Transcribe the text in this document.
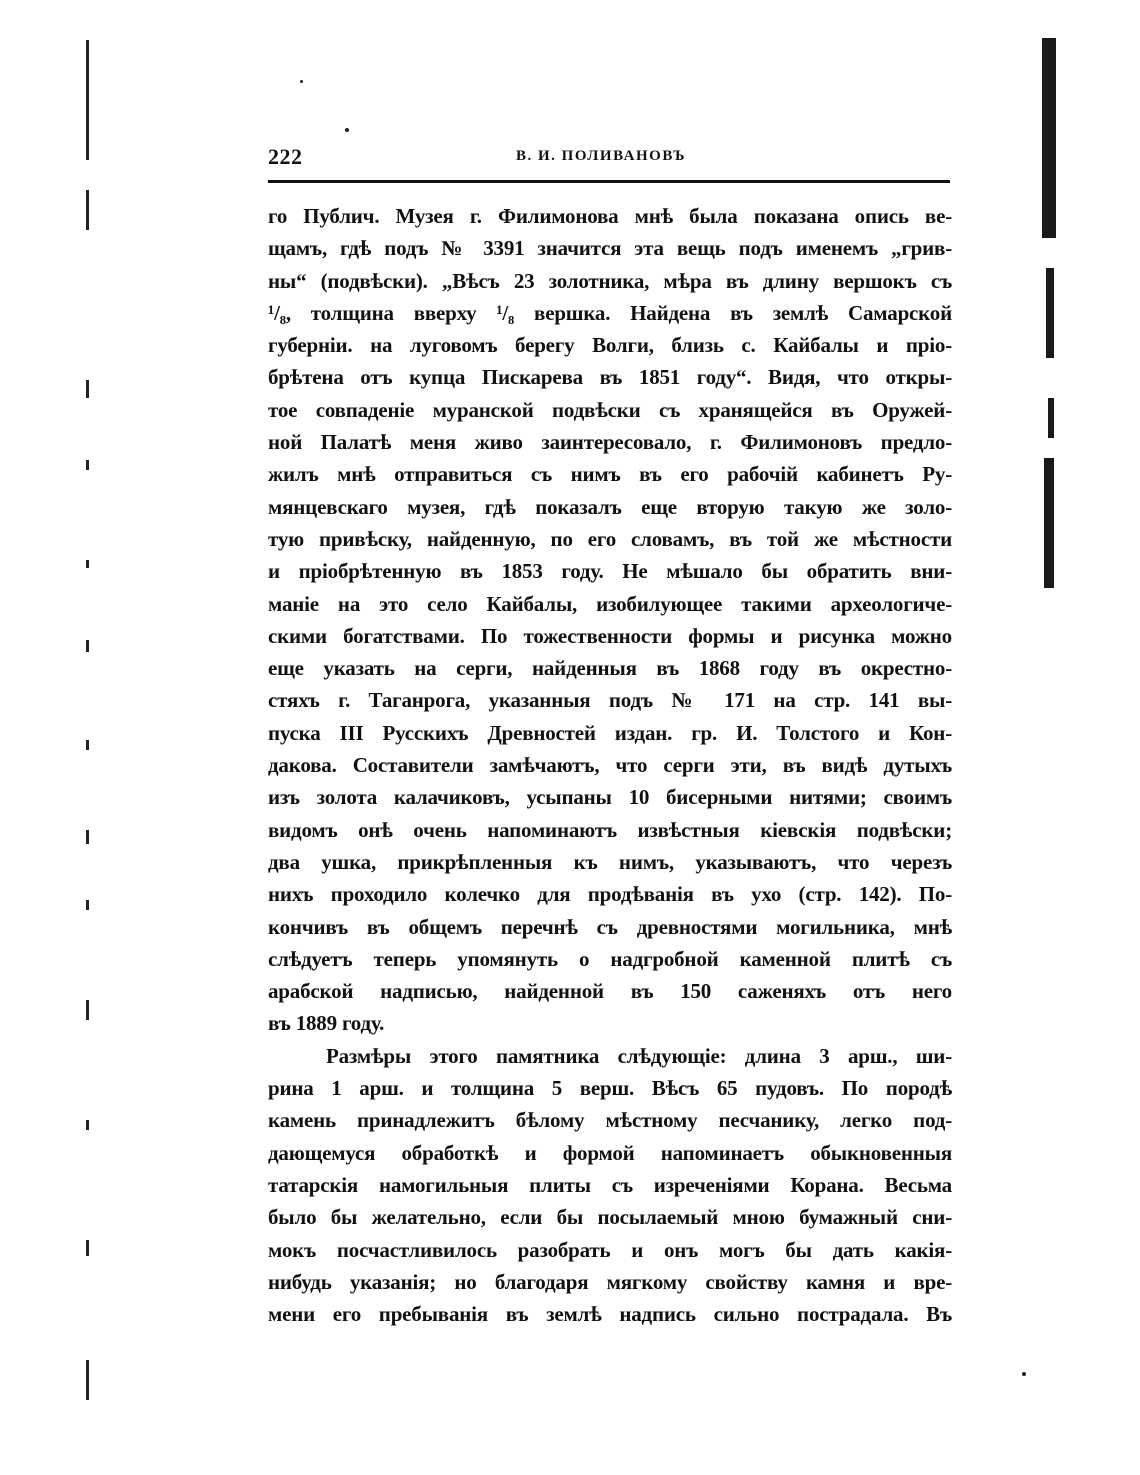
222	В. И. ПОЛИВАНОВЪ
го Публич. Музея г. Филимонова мнѣ была показана опись ве-
щамъ, гдѣ подъ № 3391 значится эта вещь подъ именемъ „грив-
ны“ (подвѣски). „Вѣсъ 23 золотника, мѣра въ длину вершокъ съ
¹/₈, толщина вверху ¹/₈ вершка. Найдена въ землѣ Самарской
губерніи. на луговомъ берегу Волги, близь с. Кайбалы и пріо-
брѣтена отъ купца Пискарева въ 1851 году“. Видя, что откры-
тое совпаденіе муранской подвѣски съ хранящейся въ Оружей-
ной Палатѣ меня живо заинтересовало, г. Филимоновъ предло-
жилъ мнѣ отправиться съ нимъ въ его рабочій кабинетъ Ру-
мянцевскаго музея, гдѣ показалъ еще вторую такую же золо-
тую привѣску, найденную, по его словамъ, въ той же мѣстности
и пріобрѣтенную въ 1853 году. Не мѣшало бы обратить вни-
маніе на это село Кайбалы, изобилующее такими археологиче-
скими богатствами. По тожественности формы и рисунка можно
еще указать на серги, найденныя въ 1868 году въ окрестно-
стяхъ г. Таганрога, указанныя подъ № 171 на стр. 141 вы-
пуска III Русскихъ Древностей издан. гр. И. Толстого и Кон-
дакова. Составители замѣчаютъ, что серги эти, въ видѣ дутыхъ
изъ золота калачиковъ, усыпаны 10 бисерными нитями; своимъ
видомъ онѣ очень напоминаютъ извѣстныя кіевскія подвѣски;
два ушка, прикрѣпленныя къ нимъ, указываютъ, что черезъ
нихъ проходило колечко для продѣванія въ ухо (стр. 142). По-
кончивъ въ общемъ перечнѣ съ древностями могильника, мнѣ
слѣдуетъ теперь упомянуть о надгробной каменной плитѣ съ
арабской надписью, найденной въ 150 саженяхъ отъ него
въ 1889 году.
Размѣры этого памятника слѣдующіе: длина 3 арш., ши-
рина 1 арш. и толщина 5 верш. Вѣсъ 65 пудовъ. По породѣ
камень принадлежитъ бѣлому мѣстному песчанику, легко под-
дающемуся обработкѣ и формой напоминаетъ обыкновенныя
татарскія намогильныя плиты съ изреченіями Корана. Весьма
было бы желательно, если бы посылаемый мною бумажный сни-
мокъ посчастливилось разобрать и онъ могъ бы дать какія-
нибудь указанія; но благодаря мягкому свойству камня и вре-
мени его пребыванія въ землѣ надпись сильно пострадала. Въ
